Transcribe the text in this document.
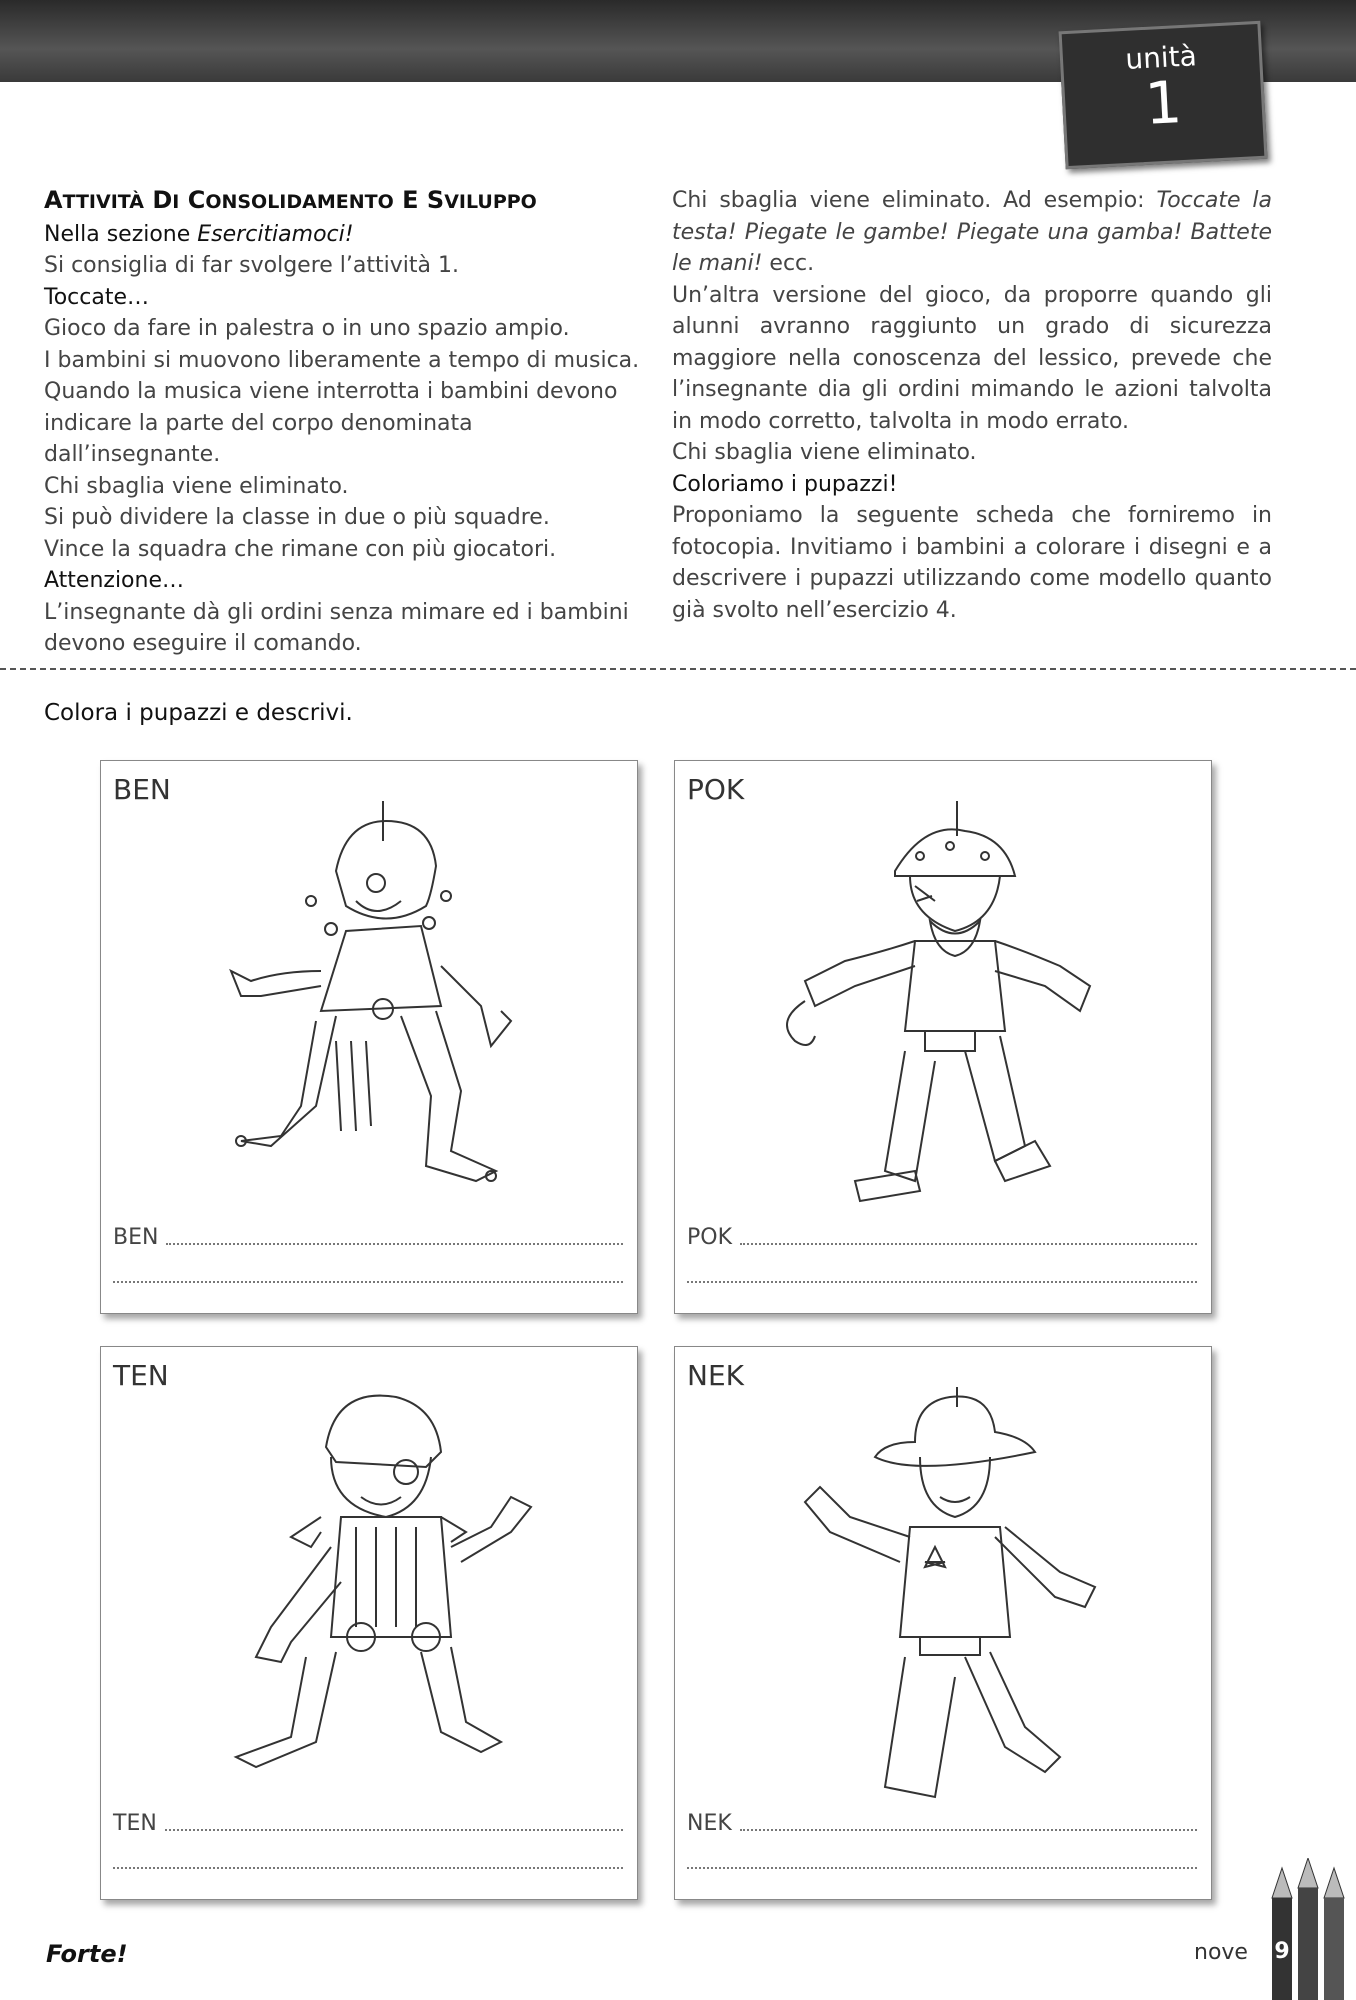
unità
1

ATTIVITÀ DI CONSOLIDAMENTO E SVILUPPO

Nella sezione Esercitiamoci!

Si consiglia di far svolgere l’attività 1.

Toccate…

Gioco da fare in palestra o in uno spazio ampio.

I bambini si muovono liberamente a tempo di musica. Quando la musica viene interrotta i bambini devono indicare la parte del corpo denominata dall’insegnante.

Chi sbaglia viene eliminato.

Si può dividere la classe in due o più squadre.

Vince la squadra che rimane con più giocatori.

Attenzione…

L’insegnante dà gli ordini senza mimare ed i bambini devono eseguire il comando.

Chi sbaglia viene eliminato. Ad esempio: Toccate la testa! Piegate le gambe! Piegate una gamba! Battete le mani! ecc.

Un’altra versione del gioco, da proporre quando gli alunni avranno raggiunto un grado di sicurezza maggiore nella conoscenza del lessico, prevede che l’insegnante dia gli ordini mimando le azioni talvolta in modo corretto, talvolta in modo errato.

Chi sbaglia viene eliminato.

Coloriamo i pupazzi!

Proponiamo la seguente scheda che forniremo in fotocopia. Invitiamo i bambini a colorare i disegni e a descrivere i pupazzi utilizzando come modello quanto già svolto nell’esercizio 4.

Colora i pupazzi e descrivi.
BEN
BEN
POK
POK
TEN
TEN
NEK
NEK
Forte!	nove 9
